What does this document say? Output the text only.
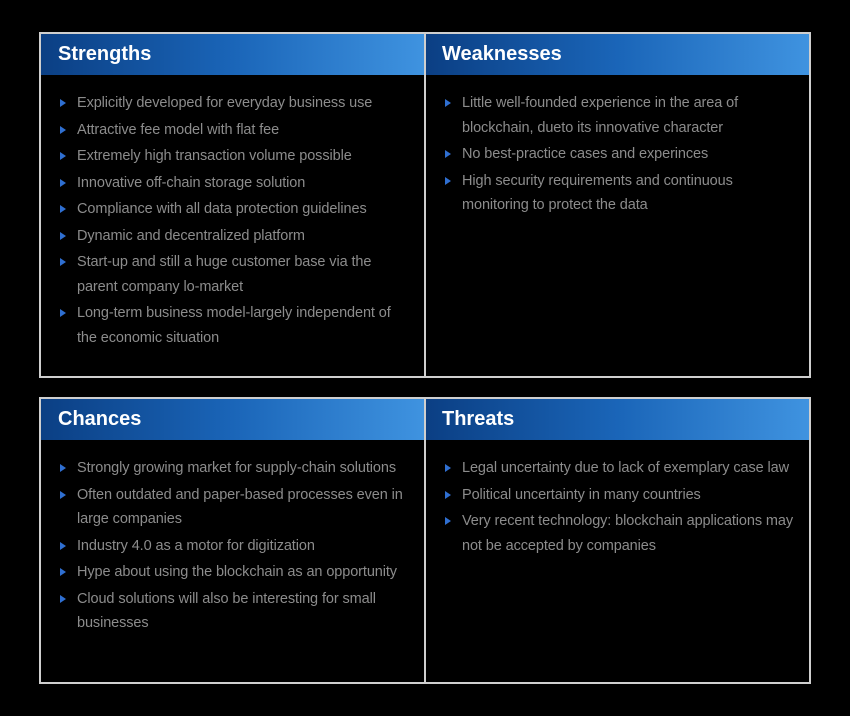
Strengths
Explicitly developed for everyday business use
Attractive fee model with flat fee
Extremely high transaction volume possible
Innovative off-chain storage solution
Compliance with all data protection guidelines
Dynamic and decentralized platform
Start-up and still a huge customer base via the parent company lo-market
Long-term business model-largely independent of the economic situation
Weaknesses
Little well-founded experience in the area of blockchain, dueto its innovative character
No best-practice cases and experinces
High security requirements and continuous monitoring to protect the data
Chances
Strongly growing market for supply-chain solutions
Often outdated and paper-based processes even in large companies
Industry 4.0 as a motor for digitization
Hype about using the blockchain as an opportunity
Cloud solutions will also be interesting for small businesses
Threats
Legal uncertainty due to lack of exemplary case law
Political uncertainty in many countries
Very recent technology: blockchain applications may not be accepted by companies
